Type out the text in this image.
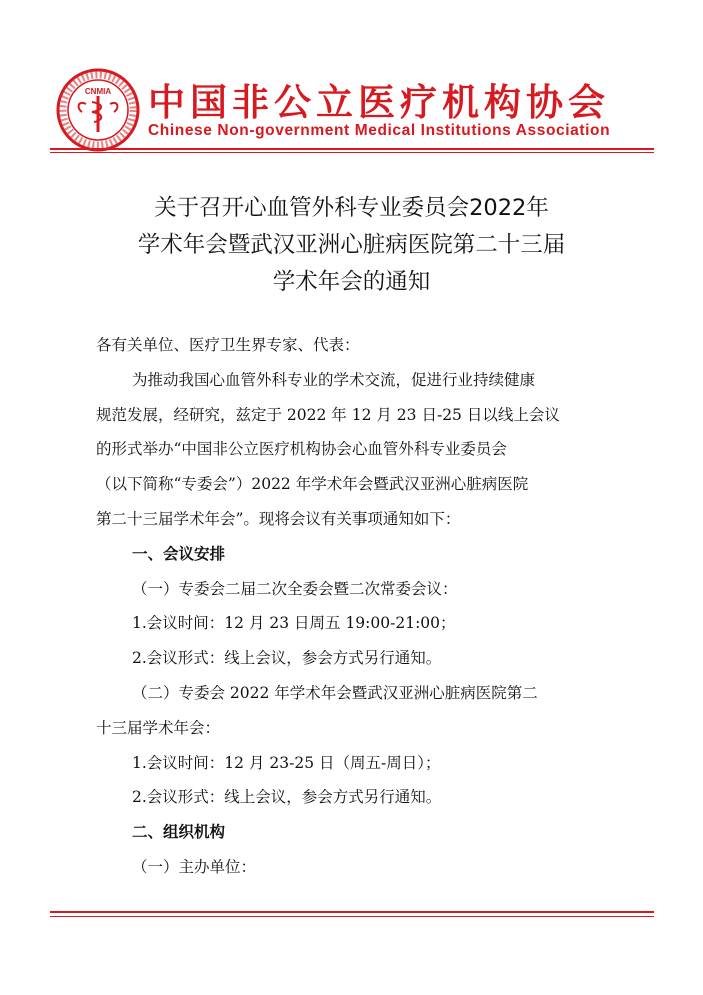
CNMIA 中国非公立医疗机构协会
Chinese Non-government Medical Institutions Association
关于召开心血管外科专业委员会2022年
学术年会暨武汉亚洲心脏病医院第二十三届
学术年会的通知

各有关单位、医疗卫生界专家、代表：

为推动我国心血管外科专业的学术交流，促进行业持续健康

规范发展，经研究，兹定于 2022 年 12 月 23 日-25 日以线上会议

的形式举办“中国非公立医疗机构协会心血管外科专业委员会

（以下简称“专委会”）2022 年学术年会暨武汉亚洲心脏病医院

第二十三届学术年会”。现将会议有关事项通知如下：

一、会议安排

（一）专委会二届二次全委会暨二次常委会议：

1.会议时间：12 月 23 日周五 19:00-21:00；

2.会议形式：线上会议，参会方式另行通知。

（二）专委会 2022 年学术年会暨武汉亚洲心脏病医院第二

十三届学术年会：

1.会议时间：12 月 23-25 日（周五-周日）；

2.会议形式：线上会议，参会方式另行通知。

二、组织机构

（一）主办单位：
